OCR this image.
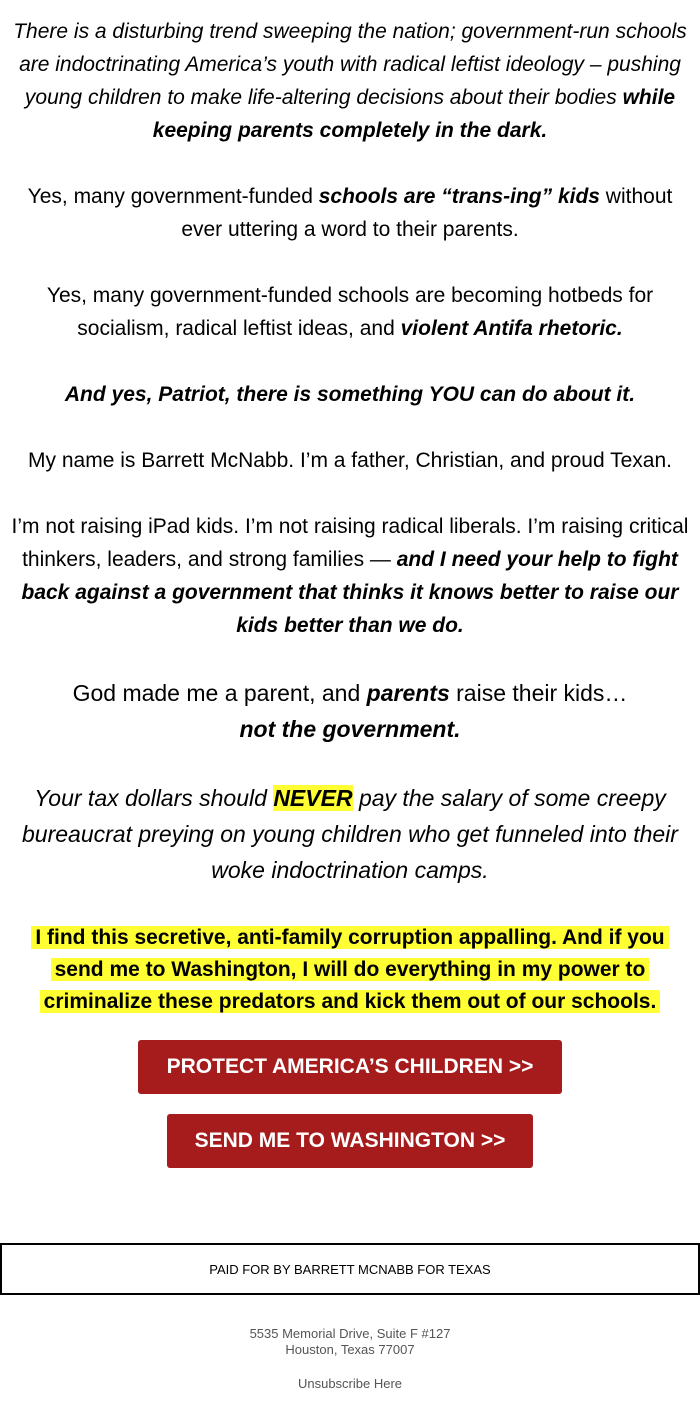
There is a disturbing trend sweeping the nation; government-run schools are indoctrinating America’s youth with radical leftist ideology – pushing young children to make life-altering decisions about their bodies while keeping parents completely in the dark.

Yes, many government-funded schools are “trans-ing” kids without ever uttering a word to their parents.

Yes, many government-funded schools are becoming hotbeds for socialism, radical leftist ideas, and violent Antifa rhetoric.

And yes, Patriot, there is something YOU can do about it.

My name is Barrett McNabb. I’m a father, Christian, and proud Texan.

I’m not raising iPad kids. I’m not raising radical liberals. I’m raising critical thinkers, leaders, and strong families — and I need your help to fight back against a government that thinks it knows better to raise our kids better than we do.

God made me a parent, and parents raise their kids…
not the government.

Your tax dollars should NEVER pay the salary of some creepy bureaucrat preying on young children who get funneled into their woke indoctrination camps.

I find this secretive, anti-family corruption appalling. And if you
send me to Washington, I will do everything in my power to
criminalize these predators and kick them out of our schools.

PROTECT AMERICA’S CHILDREN >>
SEND ME TO WASHINGTON >>
PAID FOR BY BARRETT MCNABB FOR TEXAS
5535 Memorial Drive, Suite F #127
Houston, Texas 77007
Unsubscribe Here
